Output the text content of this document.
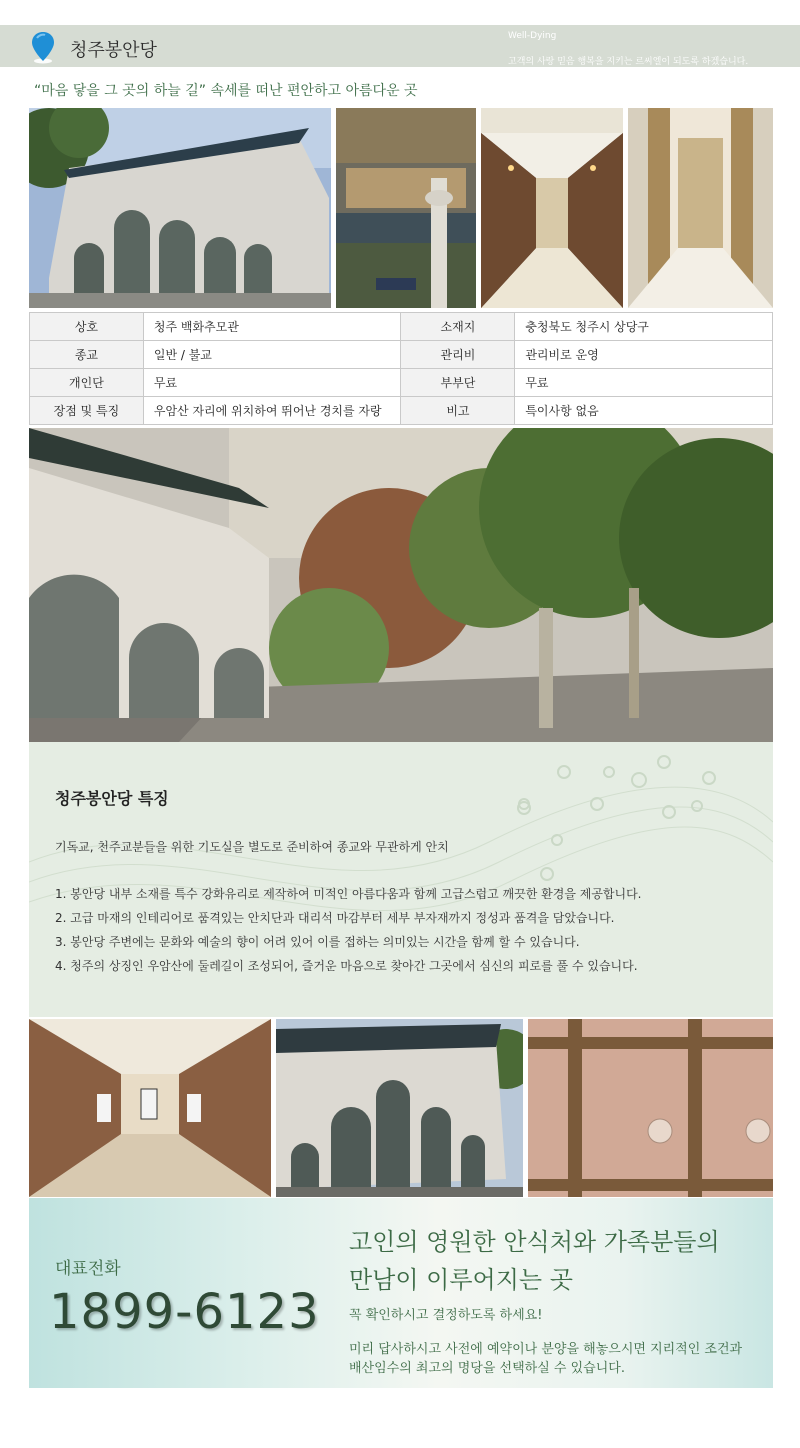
청주봉안당
Well-Dying
고객의 사랑 믿음 행복을 지키는 르씨엘이 되도록 하겠습니다.
“마음 닿을 그 곳의 하늘 길” 속세를 떠난 편안하고 아름다운 곳
상호	청주 백화추모관	소재지	충청북도 청주시 상당구
종교	일반 / 불교	관리비	관리비로 운영
개인단	무료	부부단	무료
장점 및 특징	우암산 자리에 위치하여 뛰어난 경치를 자랑	비고	특이사항 없음
청주봉안당 특징
기독교, 천주교분들을 위한 기도실을 별도로 준비하여 종교와 무관하게 안치
1. 봉안당 내부 소재를 특수 강화유리로 제작하여 미적인 아름다움과 함께 고급스럽고 깨끗한 환경을 제공합니다.
2. 고급 마재의 인테리어로 품격있는 안치단과 대리석 마감부터 세부 부자재까지 정성과 품격을 담았습니다.
3. 봉안당 주변에는 문화와 예술의 향이 어려 있어 이를 접하는 의미있는 시간을 함께 할 수 있습니다.
4. 청주의 상징인 우암산에 둘레길이 조성되어, 즐거운 마음으로 찾아간 그곳에서 심신의 피로를 풀 수 있습니다.
대표전화
1899-6123
고인의 영원한 안식처와 가족분들의
만남이 이루어지는 곳
꼭 확인하시고 결정하도록 하세요!
미리 답사하시고 사전에 예약이나 분양을 해놓으시면 지리적인 조건과
배산임수의 최고의 명당을 선택하실 수 있습니다.
